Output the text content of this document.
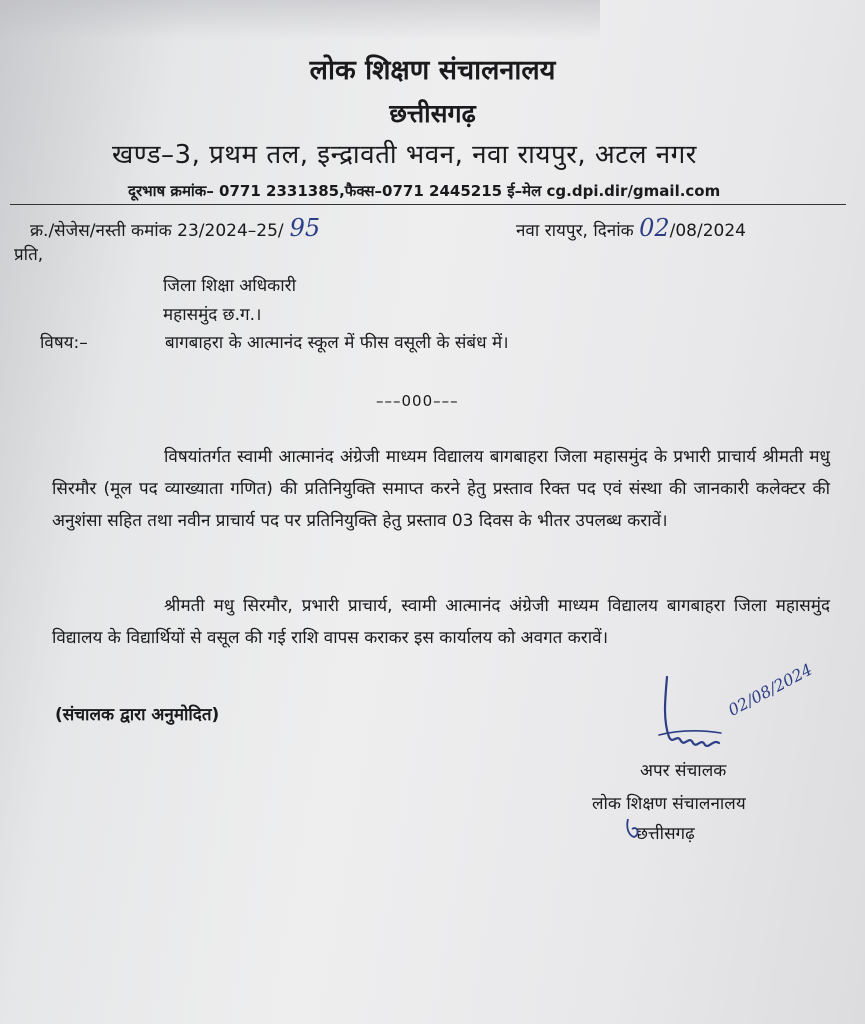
लोक शिक्षण संचालनालय
छत्तीसगढ़
खण्ड–3, प्रथम तल, इन्द्रावती भवन, नवा रायपुर, अटल नगर
दूरभाष क्रमांक– 0771 2331385,फैक्स–0771 2445215 ई–मेल cg.dpi.dir/gmail.com
क्र./सेजेस/नस्ती कमांक 23/2024–25/ 95	नवा रायपुर, दिनांक 02/08/2024
प्रति,
जिला शिक्षा अधिकारी
महासमुंद छ.ग.।
विषय:–	बागबाहरा के आत्मानंद स्कूल में फीस वसूली के संबंध में।
–––000–––

विषयांतर्गत स्वामी आत्मानंद अंग्रेजी माध्यम विद्यालय बागबाहरा जिला महासमुंद के प्रभारी प्राचार्य श्रीमती मधु सिरमौर (मूल पद व्याख्याता गणित) की प्रतिनियुक्ति समाप्त करने हेतु प्रस्ताव रिक्त पद एवं संस्था की जानकारी कलेक्टर की अनुशंसा सहित तथा नवीन प्राचार्य पद पर प्रतिनियुक्ति हेतु प्रस्ताव 03 दिवस के भीतर उपलब्ध करावें।

श्रीमती मधु सिरमौर, प्रभारी प्राचार्य, स्वामी आत्मानंद अंग्रेजी माध्यम विद्यालय बागबाहरा जिला महासमुंद विद्यालय के विद्यार्थियों से वसूल की गई राशि वापस कराकर इस कार्यालय को अवगत करावें।

(संचालक द्वारा अनुमोदित)	02/08/2024
अपर संचालक
लोक शिक्षण संचालनालय
छत्तीसगढ़
